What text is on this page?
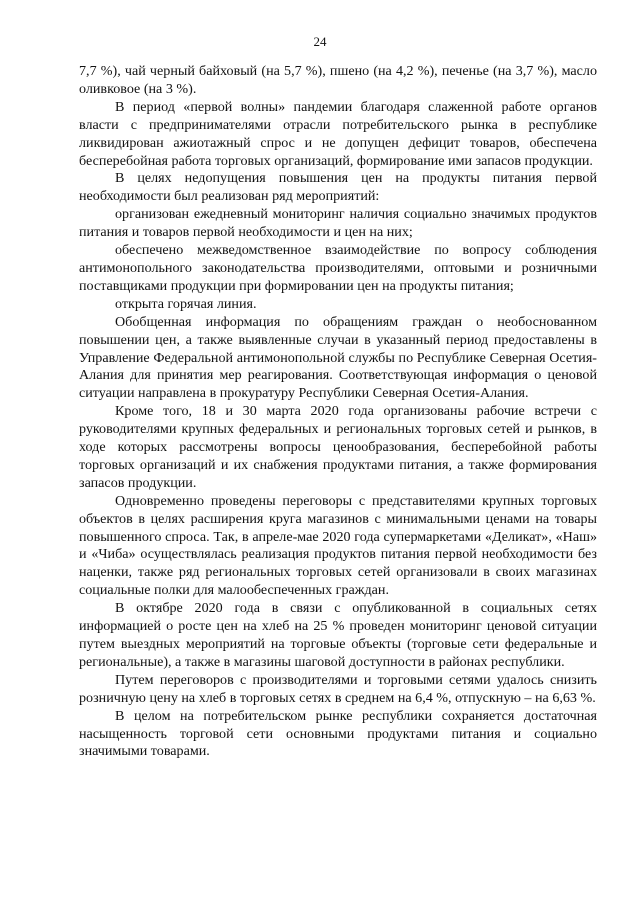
24

7,7 %), чай черный байховый (на 5,7 %), пшено (на 4,2 %), печенье (на 3,7 %), масло оливковое (на 3 %).

В период «первой волны» пандемии благодаря слаженной работе органов власти с предпринимателями отрасли потребительского рынка в республике ликвидирован ажиотажный спрос и не допущен дефицит товаров, обеспечена бесперебойная работа торговых организаций, формирование ими запасов продукции.

В целях недопущения повышения цен на продукты питания первой необходимости был реализован ряд мероприятий:

организован ежедневный мониторинг наличия социально значимых продуктов питания и товаров первой необходимости и цен на них;

обеспечено межведомственное взаимодействие по вопросу соблюдения антимонопольного законодательства производителями, оптовыми и розничными поставщиками продукции при формировании цен на продукты питания;

открыта горячая линия.

Обобщенная информация по обращениям граждан о необоснованном повышении цен, а также выявленные случаи в указанный период предоставлены в Управление Федеральной антимонопольной службы по Республике Северная Осетия-Алания для принятия мер реагирования. Соответствующая информация о ценовой ситуации направлена в прокуратуру Республики Северная Осетия-Алания.

Кроме того, 18 и 30 марта 2020 года организованы рабочие встречи с руководителями крупных федеральных и региональных торговых сетей и рынков, в ходе которых рассмотрены вопросы ценообразования, бесперебойной работы торговых организаций и их снабжения продуктами питания, а также формирования запасов продукции.

Одновременно проведены переговоры с представителями крупных торговых объектов в целях расширения круга магазинов с минимальными ценами на товары повышенного спроса. Так, в апреле-мае 2020 года супермаркетами «Деликат», «Наш» и «Чиба» осуществлялась реализация продуктов питания первой необходимости без наценки, также ряд региональных торговых сетей организовали в своих магазинах социальные полки для малообеспеченных граждан.

В октябре 2020 года в связи с опубликованной в социальных сетях информацией о росте цен на хлеб на 25 % проведен мониторинг ценовой ситуации путем выездных мероприятий на торговые объекты (торговые сети федеральные и региональные), а также в магазины шаговой доступности в районах республики.

Путем переговоров с производителями и торговыми сетями удалось снизить розничную цену на хлеб в торговых сетях в среднем на 6,4 %, отпускную – на 6,63 %.

В целом на потребительском рынке республики сохраняется достаточная насыщенность торговой сети основными продуктами питания и социально значимыми товарами.
